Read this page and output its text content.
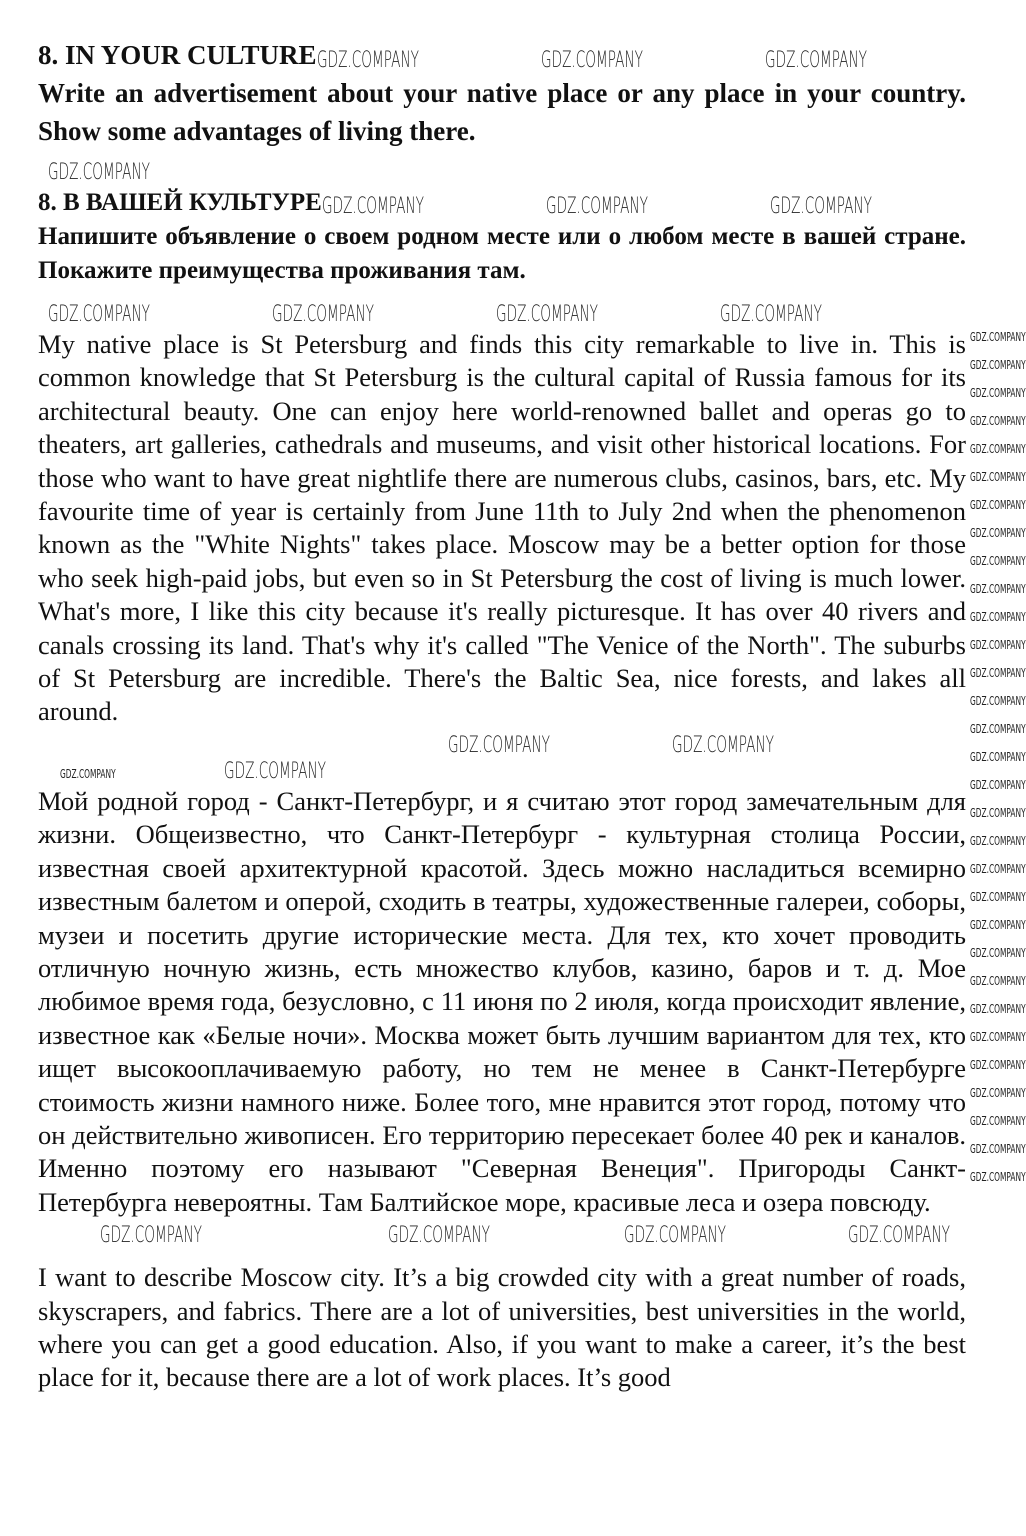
8. IN YOUR CULTURE GDZ.COMPANY	GDZ.COMPANY	GDZ.COMPANY
Write an advertisement about your native place or any place in your country. Show some advantages of living there.
GDZ.COMPANY
8. В ВАШЕЙ КУЛЬТУРЕ GDZ.COMPANY	GDZ.COMPANY	GDZ.COMPANY
Напишите объявление о своем родном месте или о любом месте в вашей стране. Покажите преимущества проживания там.
GDZ.COMPANY	GDZ.COMPANY	GDZ.COMPANY	GDZ.COMPANY
My native place is St Petersburg and finds this city remarkable to live in. This is common knowledge that St Petersburg is the cultural capital of Russia famous for its architectural beauty. One can enjoy here world-renowned ballet and operas go to theaters, art galleries, cathedrals and museums, and visit other historical locations. For those who want to have great nightlife there are numerous clubs, casinos, bars, etc. My favourite time of year is certainly from June 11th to July 2nd when the phenomenon known as the "White Nights" takes place. Moscow may be a better option for those who seek high-paid jobs, but even so in St Petersburg the cost of living is much lower. What's more, I like this city because it's really picturesque. It has over 40 rivers and canals crossing its land. That's why it's called "The Venice of the North". The suburbs of St Petersburg are incredible. There's the Baltic Sea, nice forests, and lakes all around.
GDZ.COMPANY	GDZ.COMPANY
GDZ.COMPANY	GDZ.COMPANY
Мой родной город - Санкт-Петербург, и я считаю этот город замечательным для жизни. Общеизвестно, что Санкт-Петербург - культурная столица России, известная своей архитектурной красотой. Здесь можно насладиться всемирно известным балетом и оперой, сходить в театры, художественные галереи, соборы, музеи и посетить другие исторические места. Для тех, кто хочет проводить отличную ночную жизнь, есть множество клубов, казино, баров и т. д. Мое любимое время года, безусловно, с 11 июня по 2 июля, когда происходит явление, известное как «Белые ночи». Москва может быть лучшим вариантом для тех, кто ищет высокооплачиваемую работу, но тем не менее в Санкт-Петербурге стоимость жизни намного ниже. Более того, мне нравится этот город, потому что он действительно живописен. Его территорию пересекает более 40 рек и каналов. Именно поэтому его называют "Северная Венеция". Пригороды Санкт-Петербурга невероятны. Там Балтийское море, красивые леса и озера повсюду.
GDZ.COMPANY	GDZ.COMPANY	GDZ.COMPANY	GDZ.COMPANY
I want to describe Moscow city. It’s a big crowded city with a great number of roads, skyscrapers, and fabrics. There are a lot of universities, best universities in the world, where you can get a good education. Also, if you want to make a career, it’s the best place for it, because there are a lot of work places. It’s good
GDZ.COMPANY
GDZ.COMPANY
GDZ.COMPANY
GDZ.COMPANY
GDZ.COMPANY
GDZ.COMPANY
GDZ.COMPANY
GDZ.COMPANY
GDZ.COMPANY
GDZ.COMPANY
GDZ.COMPANY
GDZ.COMPANY
GDZ.COMPANY
GDZ.COMPANY
GDZ.COMPANY
GDZ.COMPANY
GDZ.COMPANY
GDZ.COMPANY
GDZ.COMPANY
GDZ.COMPANY
GDZ.COMPANY
GDZ.COMPANY
GDZ.COMPANY
GDZ.COMPANY
GDZ.COMPANY
GDZ.COMPANY
GDZ.COMPANY
GDZ.COMPANY
GDZ.COMPANY
GDZ.COMPANY
GDZ.COMPANY
